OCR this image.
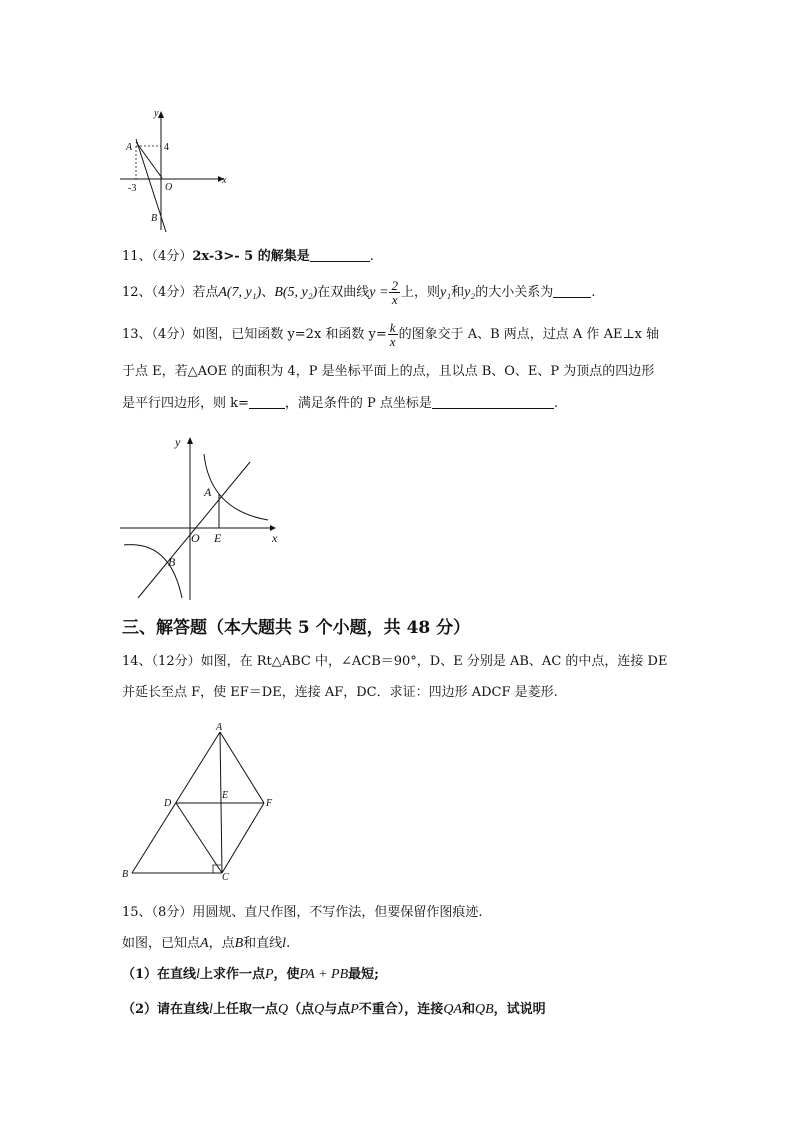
y
x
A
B
O
4
-3
11、（4分）2x-3>- 5 的解集是	.
12、（4分）若点A(7, y₁)、B(5, y₂)在双曲线$y = \frac{2}{x}$ 上，则y₁和y₂的大小关系为	.
13、（4分）如图，已知函数 y=2x 和函数 $y= \frac{k}{x}$ 的图象交于 A、B 两点，过点 A 作 AE⊥x 轴
于点 E，若△AOE 的面积为 4，P 是坐标平面上的点，且以点 B、O、E、P 为顶点的四边形
是平行四边形，则 k=	，满足条件的 P 点坐标是	.
y
x
A
B
O E
三、解答题（本大题共 5 个小题，共 48 分）
14、（12分）如图，在 Rt△ABC 中，∠ACB＝90°，D、E 分别是 AB、AC 的中点，连接 DE
并延长至点 F，使 EF＝DE，连接 AF，DC．求证：四边形 ADCF 是菱形.
A
B	C
D
E
F
15、（8分）用圆规、直尺作图，不写作法，但要保留作图痕迹.
如图，已知点A，点B和直线l.
（1）在直线l上求作一点P，使PA + PB最短;
（2）请在直线l上任取一点Q（点Q与点P不重合），连接QA和QB，试说明
